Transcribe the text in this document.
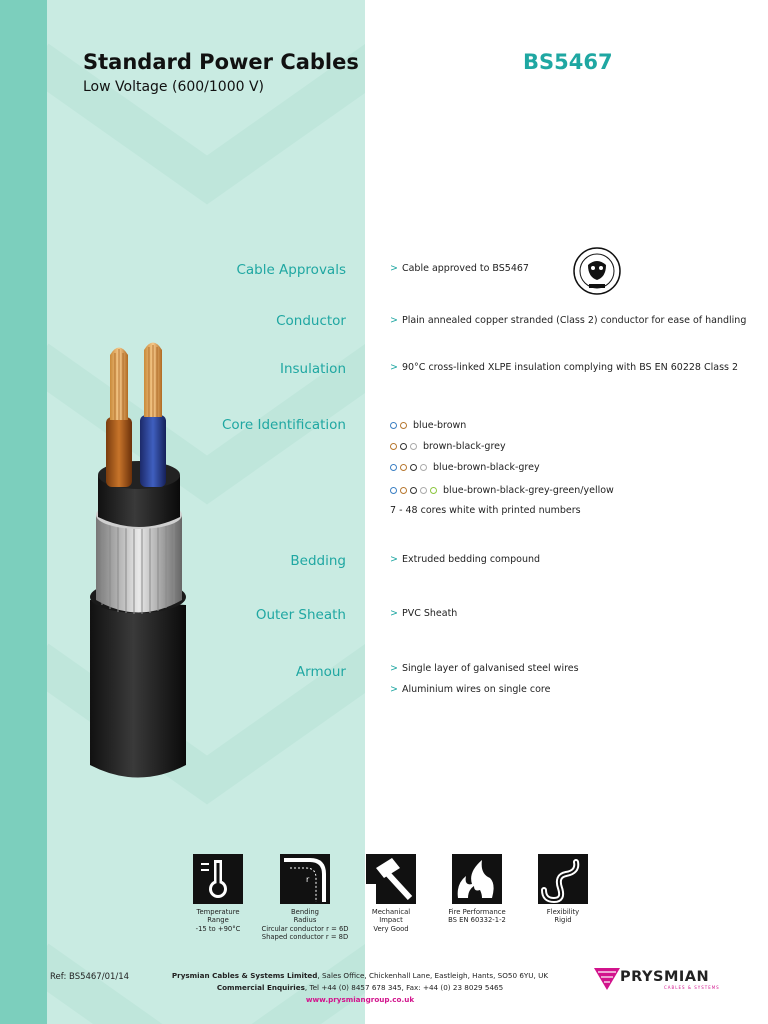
Standard Power Cables
Low Voltage (600/1000 V)
BS5467
Cable Approvals
Conductor
Insulation
Core Identification
Bedding
Outer Sheath
Armour
> Cable approved to BS5467
> Plain annealed copper stranded (Class 2) conductor for ease of handling
> 90°C cross-linked XLPE insulation complying with BS EN 60228 Class 2
blue-brown
brown-black-grey
blue-brown-black-grey
blue-brown-black-grey-green/yellow
7 - 48 cores white with printed numbers
> Extruded bedding compound
> PVC Sheath
> Single layer of galvanised steel wires
> Aluminium wires on single core
r
Temperature
Range
-15 to +90°C
Bending
Radius
Circular conductor r = 6D
Shaped conductor r = 8D
Mechanical
Impact
Very Good
Fire Performance
BS EN 60332-1-2
Flexibility
Rigid
Ref: BS5467/01/14	Prysmian Cables & Systems Limited, Sales Office, Chickenhall Lane, Eastleigh, Hants, SO50 6YU, UK
Commercial Enquiries, Tel +44 (0) 8457 678 345, Fax: +44 (0) 23 8029 5465
www.prysmiangroup.co.uk
PRYSMIAN
CABLES & SYSTEMS
